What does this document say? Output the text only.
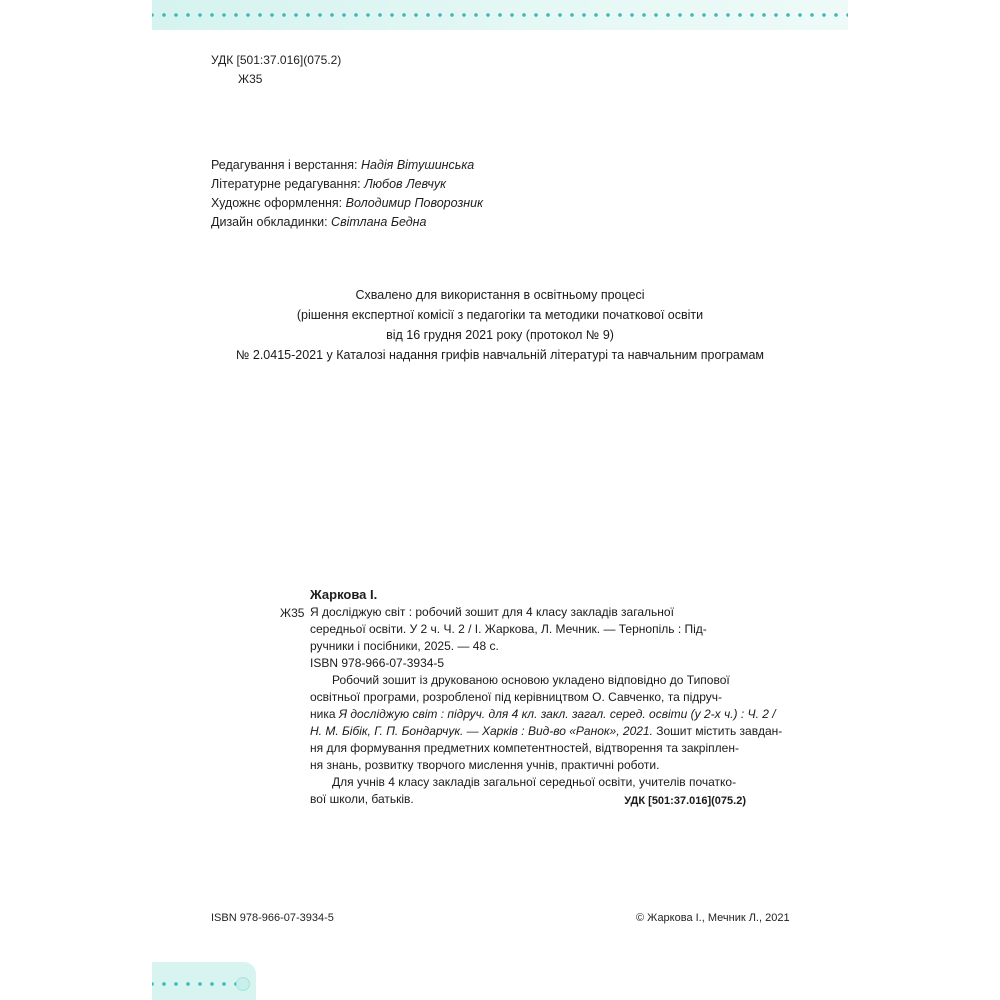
УДК [501:37.016](075.2)
Ж35
Редагування і верстання: Надія Вітушинська
Літературне редагування: Любов Левчук
Художнє оформлення: Володимир Поворозник
Дизайн обкладинки: Світлана Бедна
Схвалено для використання в освітньому процесі
(рішення експертної комісії з педагогіки та методики початкової освіти
від 16 грудня 2021 року (протокол № 9)
№ 2.0415-2021 у Каталозі надання грифів навчальній літературі та навчальним програмам
Жаркова І.
Ж35 Я досліджую світ : робочий зошит для 4 класу закладів загальної
середньої освіти. У 2 ч. Ч. 2 / І. Жаркова, Л. Мечник. — Тернопіль : Під-
ручники і посібники, 2025. — 48 с.
ISBN 978-966-07-3934-5
Робочий зошит із друкованою основою укладено відповідно до Типової
освітньої програми, розробленої під керівництвом О. Савченко, та підруч-
ника Я досліджую світ : підруч. для 4 кл. закл. загал. серед. освіти (у 2-х ч.) : Ч. 2 /
Н. М. Бібік, Г. П. Бондарчук. — Харків : Вид-во «Ранок», 2021. Зошит містить завдан-
ня для формування предметних компетентностей, відтворення та закріплен-
ня знань, розвитку творчого мислення учнів, практичні роботи.
Для учнів 4 класу закладів загальної середньої освіти, учителів початко-
вої школи, батьків.	УДК [501:37.016](075.2)
ISBN 978-966-07-3934-5	© Жаркова І., Мечник Л., 2021
